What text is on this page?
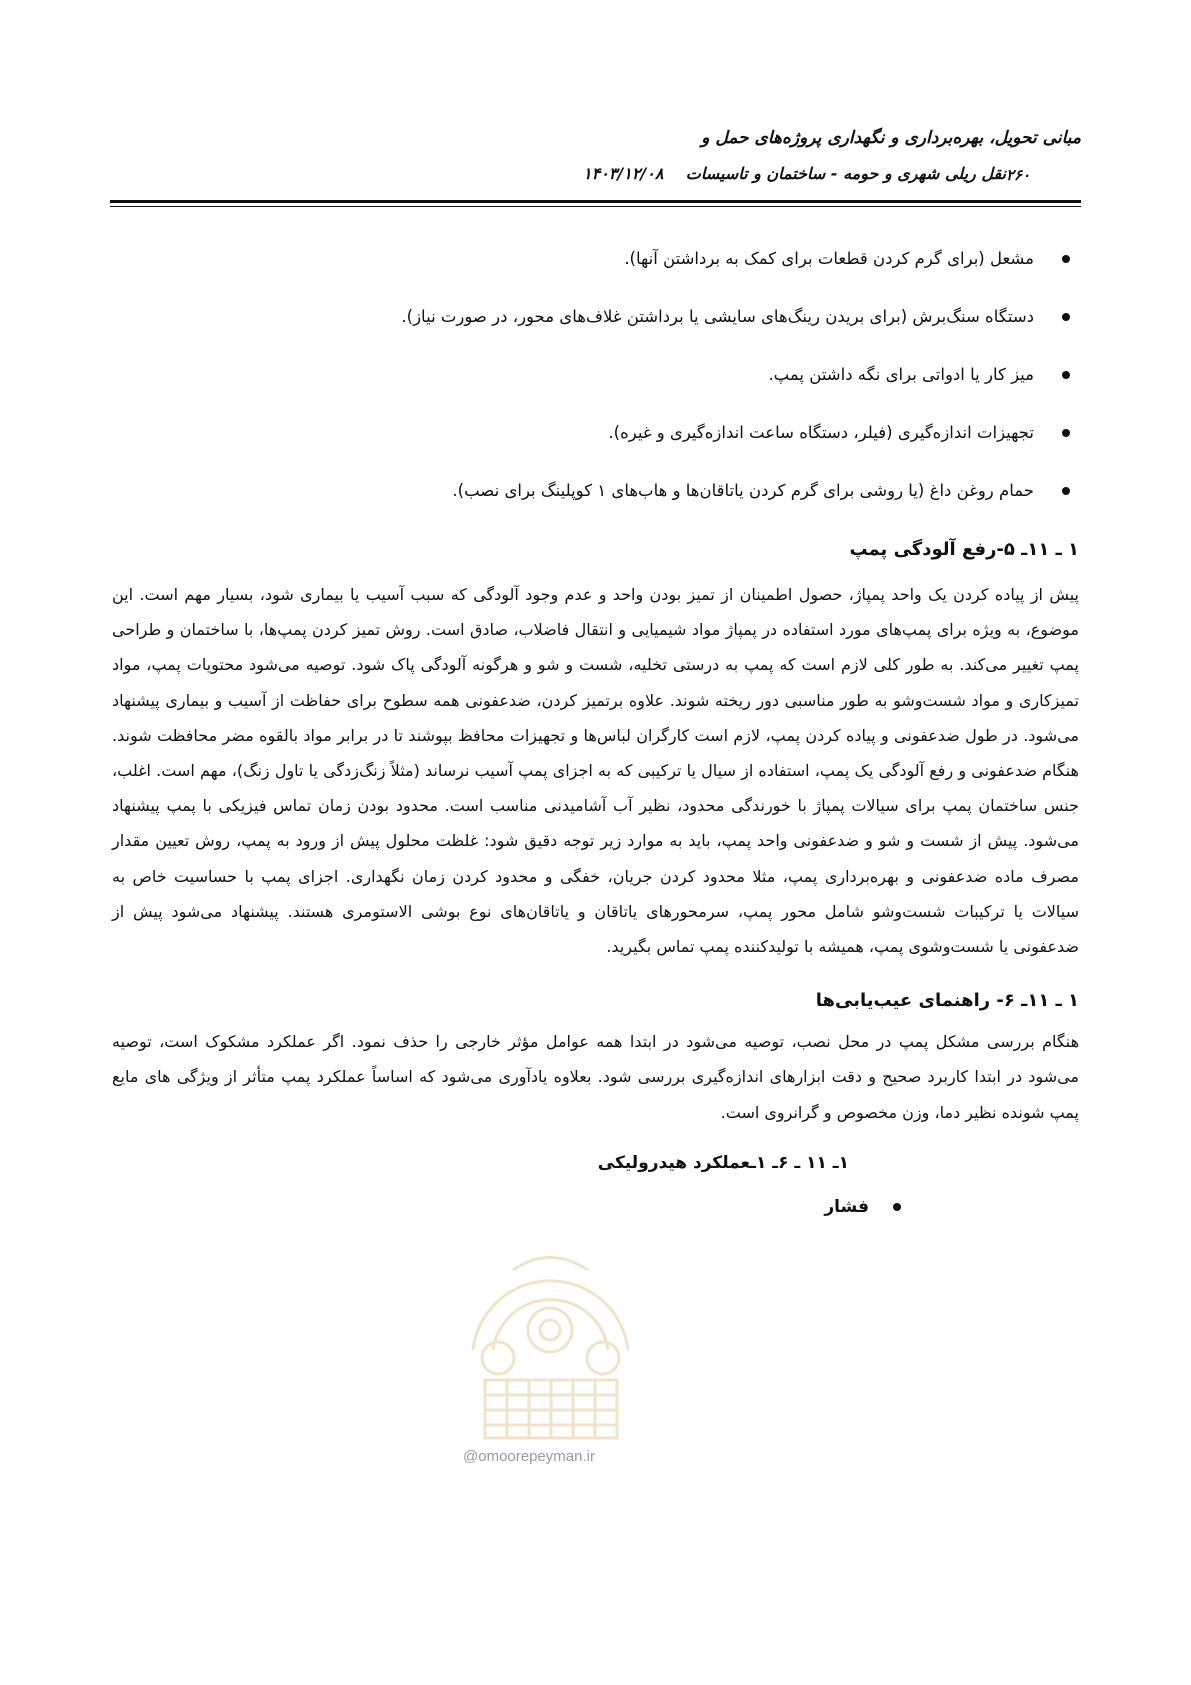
مبانی تحویل، بهره‌برداری و نگهداری پروژه‌های حمل و
نقل ریلی شهری و حومه - ساختمان و تاسیسات
۱۴۰۳/۱۲/۰۸	۲۶۰
مشعل (برای گرم کردن قطعات برای کمک به برداشتن آنها).
دستگاه سنگ‌برش (برای بریدن رینگ‌های سایشی یا برداشتن غلاف‌های محور، در صورت نیاز).
میز کار یا ادواتی برای نگه داشتن پمپ.
تجهیزات اندازه‌گیری (فیلر، دستگاه ساعت اندازه‌گیری و غیره).
حمام روغن داغ (یا روشی برای گرم کردن یاتاقان‌ها و هاب‌های ۱ کوپلینگ برای نصب).
۱ ـ ۱۱ـ ۵-رفع آلودگی پمپ

پیش از پیاده کردن یک واحد پمپاژ، حصول اطمینان از تمیز بودن واحد و عدم وجود آلودگی که سبب آسیب یا بیماری شود، بسیار مهم است. این موضوع، به ویژه برای پمپ‌های مورد استفاده در پمپاژ مواد شیمیایی و انتقال فاضلاب، صادق است. روش تمیز کردن پمپ‌ها، با ساختمان و طراحی پمپ تغییر می‌کند. به طور کلی لازم است که پمپ به درستی تخلیه، شست و شو و هرگونه آلودگی پاک شود. توصیه می‌شود محتویات پمپ، مواد تمیزکاری و مواد شست‌وشو به طور مناسبی دور ریخته شوند. علاوه برتمیز کردن، ضدعفونی همه سطوح برای حفاظت از آسیب و بیماری پیشنهاد می‌شود. در طول ضدعفونی و پیاده کردن پمپ، لازم است کارگران لباس‌ها و تجهیزات محافظ بپوشند تا در برابر مواد بالقوه مضر محافظت شوند. هنگام ضدعفونی و رفع آلودگی یک پمپ، استفاده از سیال یا ترکیبی که به اجزای پمپ آسیب نرساند (مثلاً زنگ‌زدگی یا تاول زنگ)، مهم است. اغلب، جنس ساختمان پمپ برای سیالات پمپاژ با خورندگی محدود، نظیر آب آشامیدنی مناسب است. محدود بودن زمان تماس فیزیکی با پمپ پیشنهاد می‌شود. پیش از شست و شو و ضدعفونی واحد پمپ، باید به موارد زیر توجه دقیق شود: غلظت محلول پیش از ورود به پمپ، روش تعیین مقدار مصرف ماده ضدعفونی و بهره‌برداری پمپ، مثلا محدود کردن جریان، خفگی و محدود کردن زمان نگهداری. اجزای پمپ با حساسیت خاص به سیالات یا ترکیبات شست‌وشو شامل محور پمپ، سرمحورهای یاتاقان و یاتاقان‌های نوع بوشی الاستومری هستند. پیشنهاد می‌شود پیش از ضدعفونی یا شست‌وشوی پمپ، همیشه با تولیدکننده پمپ تماس بگیرید.

۱ ـ ۱۱ـ ۶- راهنمای عیب‌یابی‌ها

هنگام بررسی مشکل پمپ در محل نصب، توصیه می‌شود در ابتدا همه عوامل مؤثر خارجی را حذف نمود. اگر عملکرد مشکوک است، توصیه می‌شود در ابتدا کاربرد صحیح و دقت ابزارهای اندازه‌گیری بررسی شود. بعلاوه یادآوری می‌شود که اساساً عملکرد پمپ متأثر از ویژگی های مایع پمپ شونده نظیر دما، وزن مخصوص و گرانروی است.

۱ـ ۱۱ ـ ۶ـ ۱ـعملکرد هیدرولیکی
فشار
@omoorepeyman.ir
